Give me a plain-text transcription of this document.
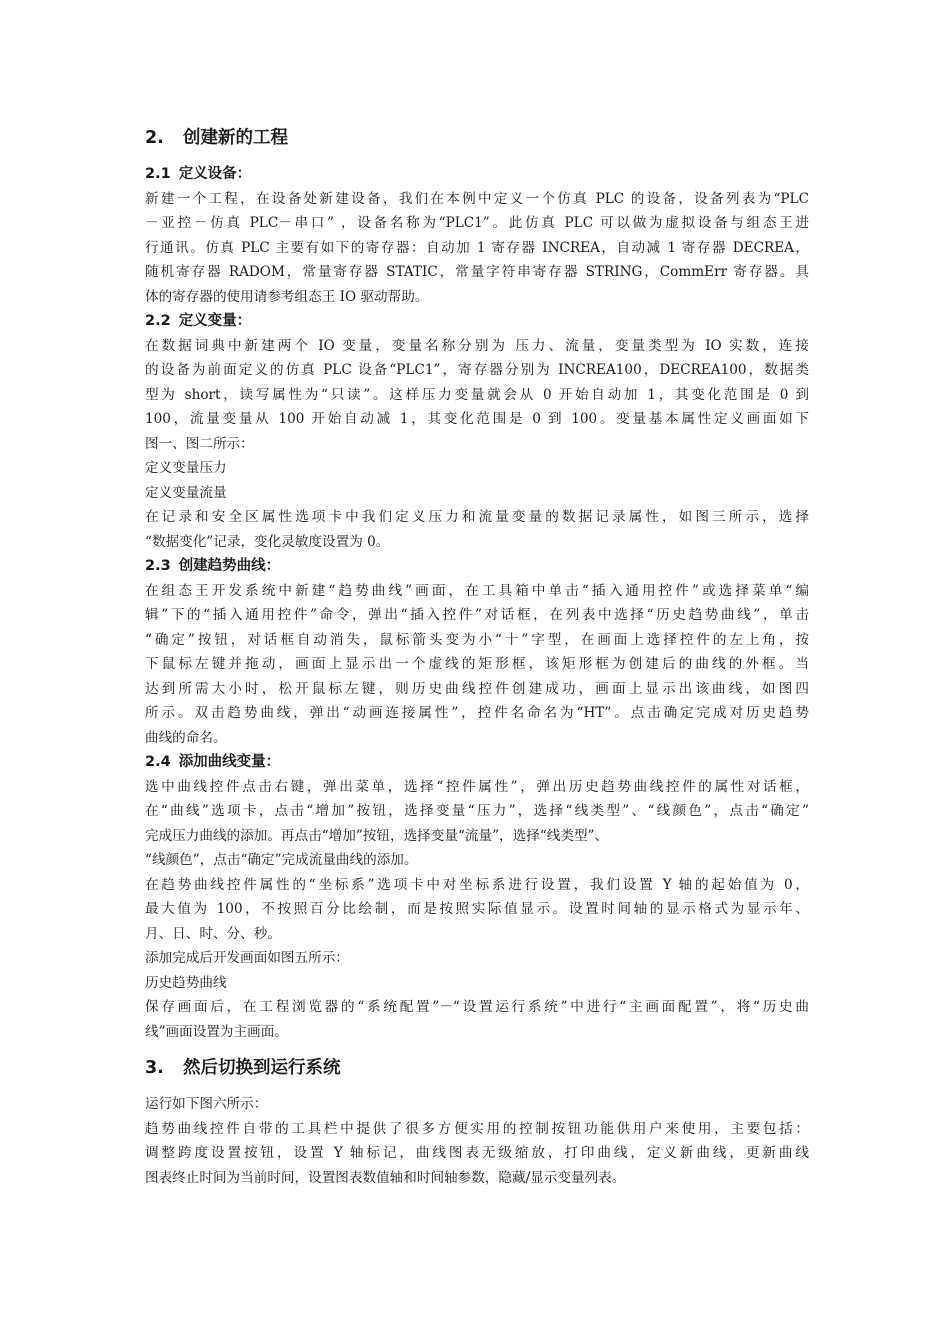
2. 创建新的工程
2.1 定义设备：
新建一个工程，在设备处新建设备，我们在本例中定义一个仿真 PLC 的设备，设备列表为“PLC
－亚控－仿真 PLC－串口” ，设备名称为“PLC1”。此仿真 PLC 可以做为虚拟设备与组态王进
行通讯。仿真 PLC 主要有如下的寄存器：自动加 1 寄存器 INCREA，自动减 1 寄存器 DECREA，
随机寄存器 RADOM，常量寄存器 STATIC，常量字符串寄存器 STRING，CommErr 寄存器。具
体的寄存器的使用请参考组态王 IO 驱动帮助。
2.2 定义变量：
在数据词典中新建两个 IO 变量，变量名称分别为 压力、流量，变量类型为 IO 实数，连接
的设备为前面定义的仿真 PLC 设备“PLC1”，寄存器分别为 INCREA100，DECREA100，数据类
型为 short，读写属性为“只读”。这样压力变量就会从 0 开始自动加 1，其变化范围是 0 到
100，流量变量从 100 开始自动减 1，其变化范围是 0 到 100。变量基本属性定义画面如下
图一、图二所示：
定义变量压力
定义变量流量
在记录和安全区属性选项卡中我们定义压力和流量变量的数据记录属性，如图三所示，选择
“数据变化”记录，变化灵敏度设置为 0。
2.3 创建趋势曲线：
在组态王开发系统中新建“趋势曲线”画面，在工具箱中单击“插入通用控件”或选择菜单“编
辑”下的“插入通用控件”命令，弹出“插入控件”对话框，在列表中选择“历史趋势曲线”，单击
“确定”按钮，对话框自动消失，鼠标箭头变为小“十”字型，在画面上选择控件的左上角，按
下鼠标左键并拖动，画面上显示出一个虚线的矩形框，该矩形框为创建后的曲线的外框。当
达到所需大小时，松开鼠标左键，则历史曲线控件创建成功，画面上显示出该曲线，如图四
所示。双击趋势曲线，弹出“动画连接属性”，控件名命名为“HT”。点击确定完成对历史趋势
曲线的命名。
2.4 添加曲线变量：
选中曲线控件点击右键，弹出菜单，选择“控件属性”，弹出历史趋势曲线控件的属性对话框，
在“曲线”选项卡，点击“增加”按钮，选择变量“压力”，选择“线类型”、“线颜色”，点击“确定”
完成压力曲线的添加。再点击“增加”按钮，选择变量“流量”，选择“线类型”、
“线颜色”，点击“确定”完成流量曲线的添加。
在趋势曲线控件属性的“坐标系”选项卡中对坐标系进行设置，我们设置 Y 轴的起始值为 0，
最大值为 100，不按照百分比绘制，而是按照实际值显示。设置时间轴的显示格式为显示年、
月、日、时、分、秒。
添加完成后开发画面如图五所示：
历史趋势曲线
保存画面后，在工程浏览器的“系统配置”－“设置运行系统”中进行“主画面配置”，将“历史曲
线”画面设置为主画面。
3. 然后切换到运行系统
运行如下图六所示：
趋势曲线控件自带的工具栏中提供了很多方便实用的控制按钮功能供用户来使用，主要包括：
调整跨度设置按钮，设置 Y 轴标记，曲线图表无级缩放，打印曲线，定义新曲线，更新曲线
图表终止时间为当前时间，设置图表数值轴和时间轴参数，隐藏/显示变量列表。
